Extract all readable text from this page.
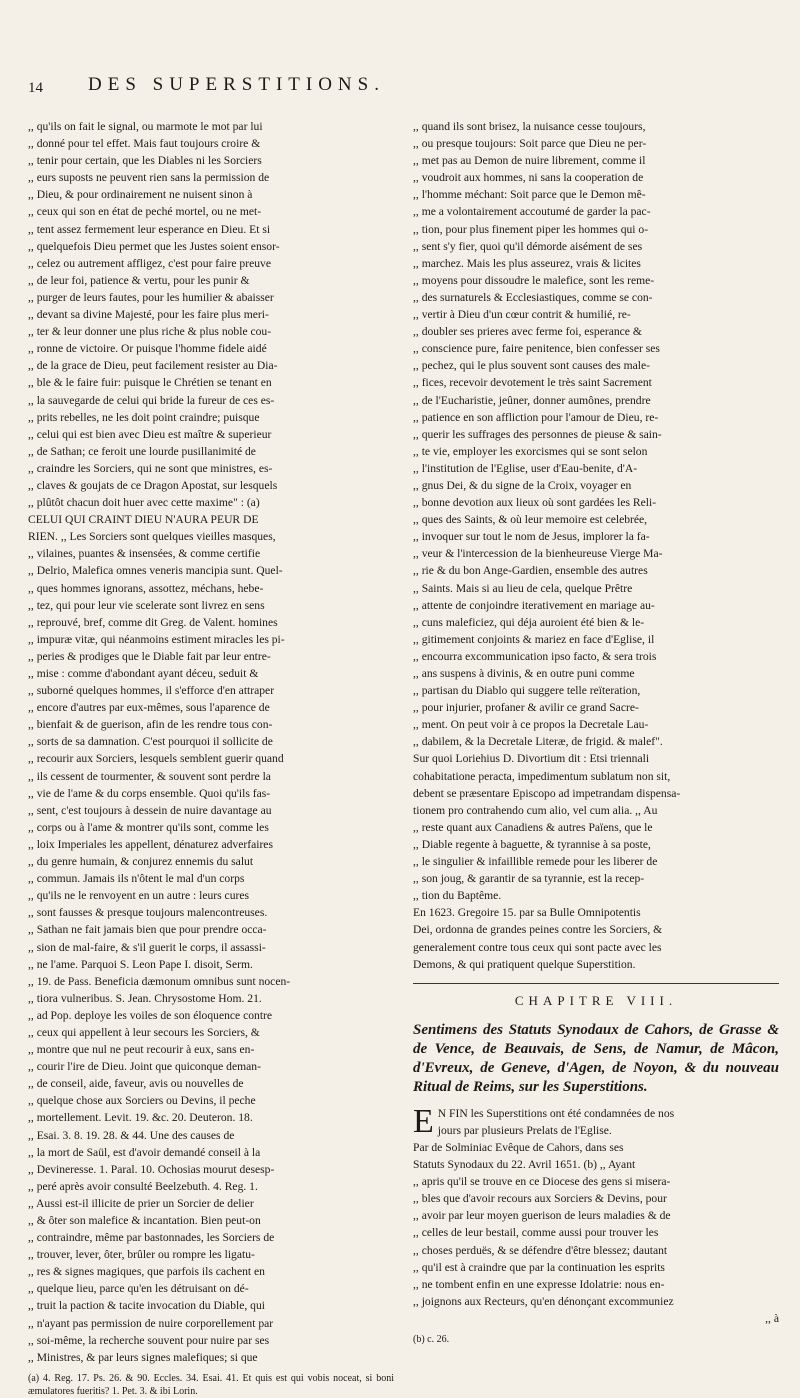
14 DES SUPERSTITIONS.
,, qu'ils on fait le signal, ou marmote le mot par lui
,, donné pour tel effet. Mais faut toujours croire &
,, tenir pour certain, que les Diables ni les Sorciers
,, eurs suposts ne peuvent rien sans la permission de
,, Dieu, & pour ordinairement ne nuisent sinon à
,, ceux qui son en état de peché mortel, ou ne met-
,, tent assez fermement leur esperance en Dieu. Et si
,, quelquefois Dieu permet que les Justes soient ensor-
,, celez ou autrement affligez, c'est pour faire preuve
,, de leur foi, patience & vertu, pour les punir &
,, purger de leurs fautes, pour les humilier & abaisser
,, devant sa divine Majesté, pour les faire plus meri-
,, ter & leur donner une plus riche & plus noble cou-
,, ronne de victoire. Or puisque l'homme fidele aidé
,, de la grace de Dieu, peut facilement resister au Dia-
,, ble & le faire fuir: puisque le Chrétien se tenant en
,, la sauvegarde de celui qui bride la fureur de ces es-
,, prits rebelles, ne les doit point craindre; puisque
,, celui qui est bien avec Dieu est maître & superieur
,, de Sathan; ce feroit une lourde pusillanimité de
,, craindre les Sorciers, qui ne sont que ministres, es-
,, claves & goujats de ce Dragon Apostat, sur lesquels
,, plûtôt chacun doit huer avec cette maxime" : (a)
CELUI QUI CRAINT DIEU N'AURA PEUR DE
RIEN. ,, Les Sorciers sont quelques vieilles masques,
,, vilaines, puantes & insensées, & comme certifie
,, Delrio, Malefica omnes veneris mancipia sunt. Quel-
,, ques hommes ignorans, assottez, méchans, hebe-
,, tez, qui pour leur vie scelerate sont livrez en sens
,, reprouvé, bref, comme dit Greg. de Valent. homines
,, impuræ vitæ, qui néanmoins estiment miracles les pi-
,, peries & prodiges que le Diable fait par leur entre-
,, mise : comme d'abondant ayant déceu, seduit &
,, suborné quelques hommes, il s'efforce d'en attraper
,, encore d'autres par eux-mêmes, sous l'aparence de
,, bienfait & de guerison, afin de les rendre tous con-
,, sorts de sa damnation. C'est pourquoi il sollicite de
,, recourir aux Sorciers, lesquels semblent guerir quand
,, ils cessent de tourmenter, & souvent sont perdre la
,, vie de l'ame & du corps ensemble. Quoi qu'ils fas-
,, sent, c'est toujours à dessein de nuire davantage au
,, corps ou à l'ame & montrer qu'ils sont, comme les
,, loix Imperiales les appellent, dénaturez adverfaires
,, du genre humain, & conjurez ennemis du salut
,, commun. Jamais ils n'ôtent le mal d'un corps
,, qu'ils ne le renvoyent en un autre : leurs cures
,, sont fausses & presque toujours malencontreuses.
,, Sathan ne fait jamais bien que pour prendre occa-
,, sion de mal-faire, & s'il guerit le corps, il assassi-
,, ne l'ame. Parquoi S. Leon Pape I. disoit, Serm.
,, 19. de Pass. Beneficia dæmonum omnibus sunt nocen-
,, tiora vulneribus. S. Jean. Chrysostome Hom. 21.
,, ad Pop. deploye les voiles de son éloquence contre
,, ceux qui appellent à leur secours les Sorciers, &
,, montre que nul ne peut recourir à eux, sans en-
,, courir l'ire de Dieu. Joint que quiconque deman-
,, de conseil, aide, faveur, avis ou nouvelles de
,, quelque chose aux Sorciers ou Devins, il peche
,, mortellement. Levit. 19. &c. 20. Deuteron. 18.
,, Esai. 3. 8. 19. 28. & 44. Une des causes de
,, la mort de Saül, est d'avoir demandé conseil à la
,, Devineresse. 1. Paral. 10. Ochosias mourut desesp-
,, peré après avoir consulté Beelzebuth. 4. Reg. 1.
,, Aussi est-il illicite de prier un Sorcier de delier
,, & ôter son malefice & incantation. Bien peut-on
,, contraindre, même par bastonnades, les Sorciers de
,, trouver, lever, ôter, brûler ou rompre les ligatu-
,, res & signes magiques, que parfois ils cachent en
,, quelque lieu, parce qu'en les détruisant on dé-
,, truit la paction & tacite invocation du Diable, qui
,, n'ayant pas permission de nuire corporellement par
,, soi-même, la recherche souvent pour nuire par ses
,, Ministres, & par leurs signes malefiques; si que
(a) 4. Reg. 17. Ps. 26. & 90. Eccles. 34. Esai. 41. Et quis est qui vobis noceat, si boni æmulatores fueritis? 1. Pet. 3. & ibi Lorin.
,, quand ils sont brisez, la nuisance cesse toujours,
,, ou presque toujours: Soit parce que Dieu ne per-
,, met pas au Demon de nuire librement, comme il
,, voudroit aux hommes, ni sans la cooperation de
,, l'homme méchant: Soit parce que le Demon mê-
,, me a volontairement accoutumé de garder la pac-
,, tion, pour plus finement piper les hommes qui o-
,, sent s'y fier, quoi qu'il démorde aisément de ses
,, marchez. Mais les plus asseurez, vrais & licites
,, moyens pour dissoudre le malefice, sont les reme-
,, des surnaturels & Ecclesiastiques, comme se con-
,, vertir à Dieu d'un cœur contrit & humilié, re-
,, doubler ses prieres avec ferme foi, esperance &
,, conscience pure, faire penitence, bien confesser ses
,, pechez, qui le plus souvent sont causes des male-
,, fices, recevoir devotement le très saint Sacrement
,, de l'Eucharistie, jeûner, donner aumônes, prendre
,, patience en son affliction pour l'amour de Dieu, re-
,, querir les suffrages des personnes de pieuse & sain-
,, te vie, employer les exorcismes qui se sont selon
,, l'institution de l'Eglise, user d'Eau-benite, d'A-
,, gnus Dei, & du signe de la Croix, voyager en
,, bonne devotion aux lieux où sont gardées les Reli-
,, ques des Saints, & où leur memoire est celebrée,
,, invoquer sur tout le nom de Jesus, implorer la fa-
,, veur & l'intercession de la bienheureuse Vierge Ma-
,, rie & du bon Ange-Gardien, ensemble des autres
,, Saints. Mais si au lieu de cela, quelque Prêtre
,, attente de conjoindre iterativement en mariage au-
,, cuns maleficiez, qui déja auroient été bien & le-
,, gitimement conjoints & mariez en face d'Eglise, il
,, encourra excommunication ipso facto, & sera trois
,, ans suspens à divinis, & en outre puni comme
,, partisan du Diablo qui suggere telle reïteration,
,, pour injurier, profaner & avilir ce grand Sacre-
,, ment. On peut voir à ce propos la Decretale Lau-
,, dabilem, & la Decretale Literæ, de frigid. & malef".
Sur quoi Loriehius D. Divortium dit : Etsi triennali
cohabitatione peracta, impedimentum sublatum non sit,
debent se præsentare Episcopo ad impetrandam dispensa-
tionem pro contrahendo cum alio, vel cum alia. ,, Au
,, reste quant aux Canadiens & autres Païens, que le
,, Diable regente à baguette, & tyrannise à sa poste,
,, le singulier & infaillible remede pour les liberer de
,, son joug, & garantir de sa tyrannie, est la recep-
,, tion du Baptême.
En 1623. Gregoire 15. par sa Bulle Omnipotentis
Dei, ordonna de grandes peines contre les Sorciers, &
generalement contre tous ceux qui sont pacte avec les
Demons, & qui pratiquent quelque Superstition.
CHAPITRE VIII.
Sentimens des Statuts Synodaux de Cahors, de Grasse & de Vence, de Beauvais, de Sens, de Namur, de Mâcon, d'Evreux, de Geneve, d'Agen, de Noyon, & du nouveau Ritual de Reims, sur les Superstitions.
E N FIN les Superstitions ont été condamnées de nos
jours par plusieurs Prelats de l'Eglise.
Par de Solminiac Evêque de Cahors, dans ses
Statuts Synodaux du 22. Avril 1651. (b) ,, Ayant
,, apris qu'il se trouve en ce Diocese des gens si misera-
,, bles que d'avoir recours aux Sorciers & Devins, pour
,, avoir par leur moyen guerison de leurs maladies & de
,, celles de leur bestail, comme aussi pour trouver les
,, choses perduës, & se défendre d'être blessez; dautant
,, qu'il est à craindre que par la continuation les esprits
,, ne tombent enfin en une expresse Idolatrie: nous en-
,, joignons aux Recteurs, qu'en dénonçant excommuniez
,, à
(b) c. 26.
